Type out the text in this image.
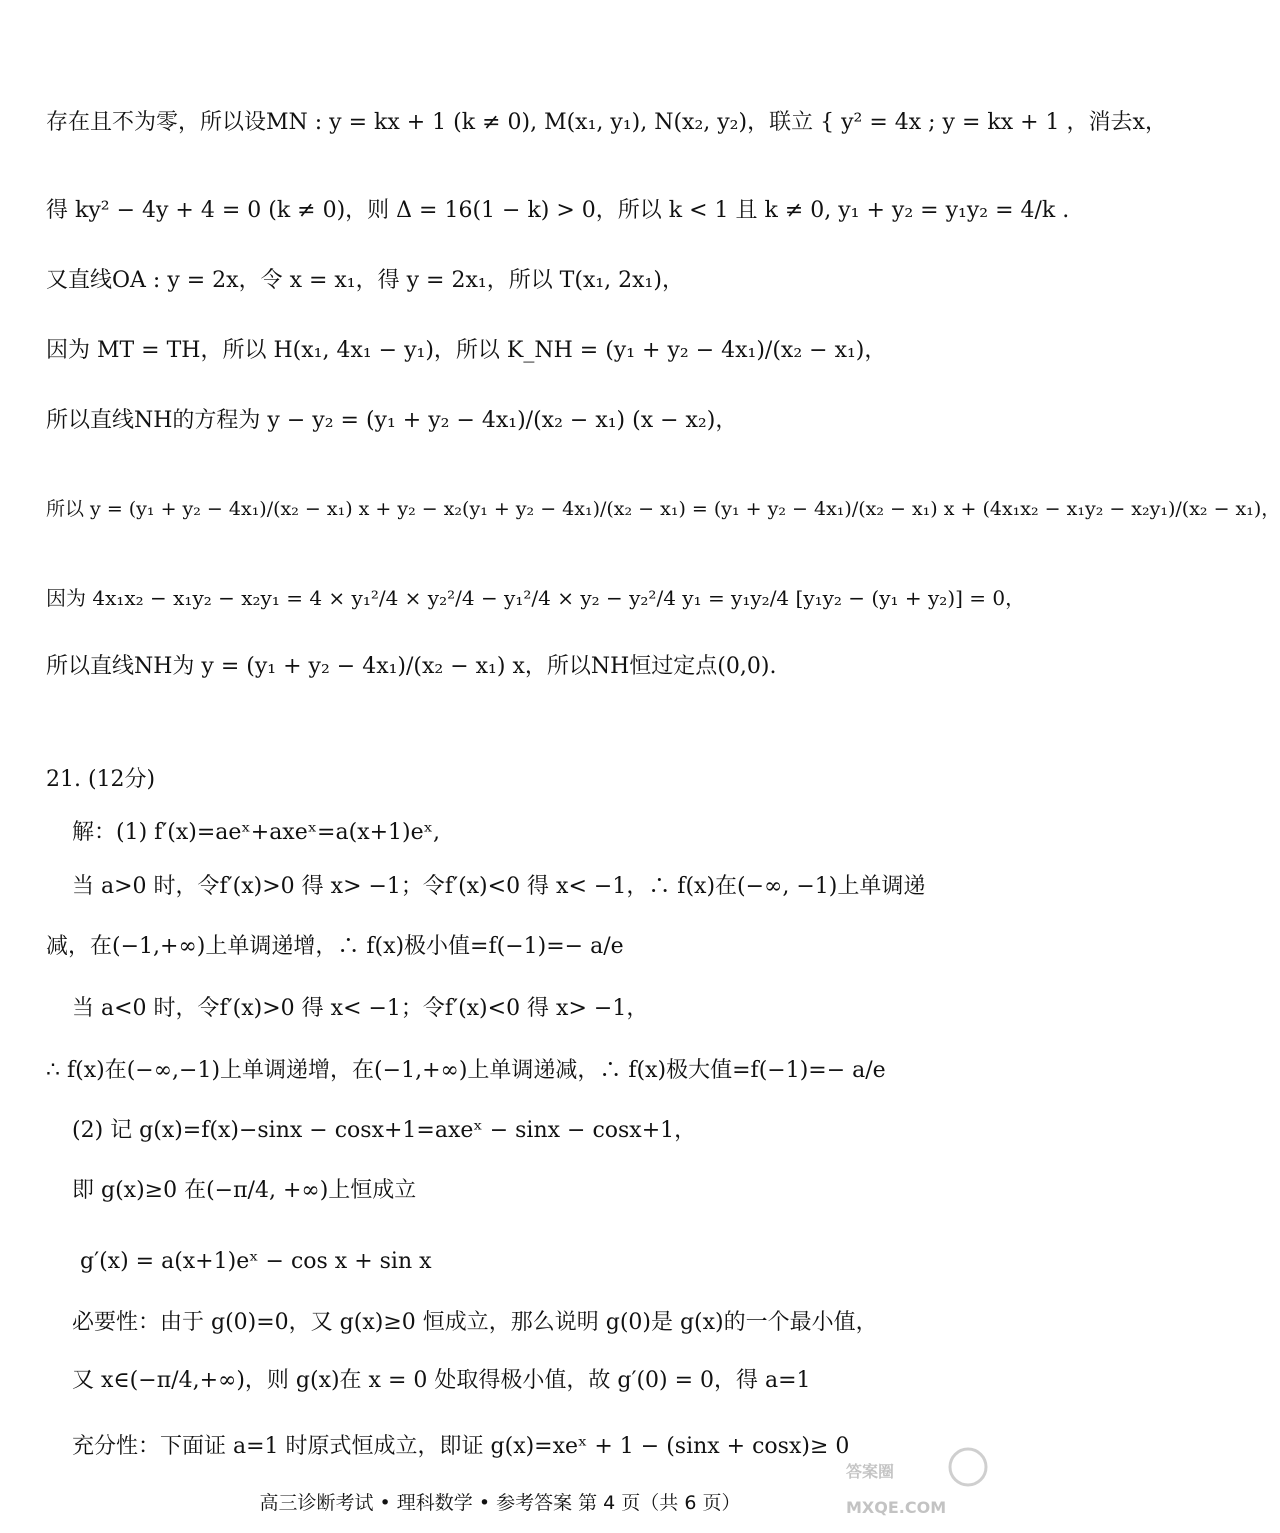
存在且不为零，所以设MN : y = kx + 1 (k ≠ 0), M(x₁, y₁), N(x₂, y₂)，联立 { y² = 4x ; y = kx + 1 ，消去x，
得 ky² − 4y + 4 = 0 (k ≠ 0)，则 Δ = 16(1 − k) > 0，所以 k < 1 且 k ≠ 0, y₁ + y₂ = y₁y₂ = 4/k .
又直线OA : y = 2x，令 x = x₁，得 y = 2x₁，所以 T(x₁, 2x₁)，
因为 MT = TH，所以 H(x₁, 4x₁ − y₁)，所以 K_NH = (y₁ + y₂ − 4x₁)/(x₂ − x₁)，
所以直线NH的方程为 y − y₂ = (y₁ + y₂ − 4x₁)/(x₂ − x₁) (x − x₂)，
所以 y = (y₁ + y₂ − 4x₁)/(x₂ − x₁) x + y₂ − x₂(y₁ + y₂ − 4x₁)/(x₂ − x₁) = (y₁ + y₂ − 4x₁)/(x₂ − x₁) x + (4x₁x₂ − x₁y₂ − x₂y₁)/(x₂ − x₁)，
因为 4x₁x₂ − x₁y₂ − x₂y₁ = 4 × y₁²/4 × y₂²/4 − y₁²/4 × y₂ − y₂²/4 y₁ = y₁y₂/4 [y₁y₂ − (y₁ + y₂)] = 0，
所以直线NH为 y = (y₁ + y₂ − 4x₁)/(x₂ − x₁) x，所以NH恒过定点(0,0).
21. (12分)
解：(1) f′(x)=aeˣ+axeˣ=a(x+1)eˣ,
当 a>0 时，令f′(x)>0 得 x> −1；令f′(x)<0 得 x< −1，∴ f(x)在(−∞, −1)上单调递
减，在(−1,+∞)上单调递增，∴ f(x)极小值=f(−1)=− a/e
当 a<0 时，令f′(x)>0 得 x< −1；令f′(x)<0 得 x> −1，
∴ f(x)在(−∞,−1)上单调递增，在(−1,+∞)上单调递减，∴ f(x)极大值=f(−1)=− a/e
(2) 记 g(x)=f(x)−sinx − cosx+1=axeˣ − sinx − cosx+1，
即 g(x)≥0 在(−π/4, +∞)上恒成立
g′(x) = a(x+1)eˣ − cos x + sin x
必要性：由于 g(0)=0，又 g(x)≥0 恒成立，那么说明 g(0)是 g(x)的一个最小值，
又 x∈(−π/4,+∞)，则 g(x)在 x = 0 处取得极小值，故 g′(0) = 0，得 a=1
充分性：下面证 a=1 时原式恒成立，即证 g(x)=xeˣ + 1 − (sinx + cosx)≥ 0
高三诊断考试 • 理科数学 • 参考答案 第 4 页（共 6 页）
答案圈
MXQE.COM
